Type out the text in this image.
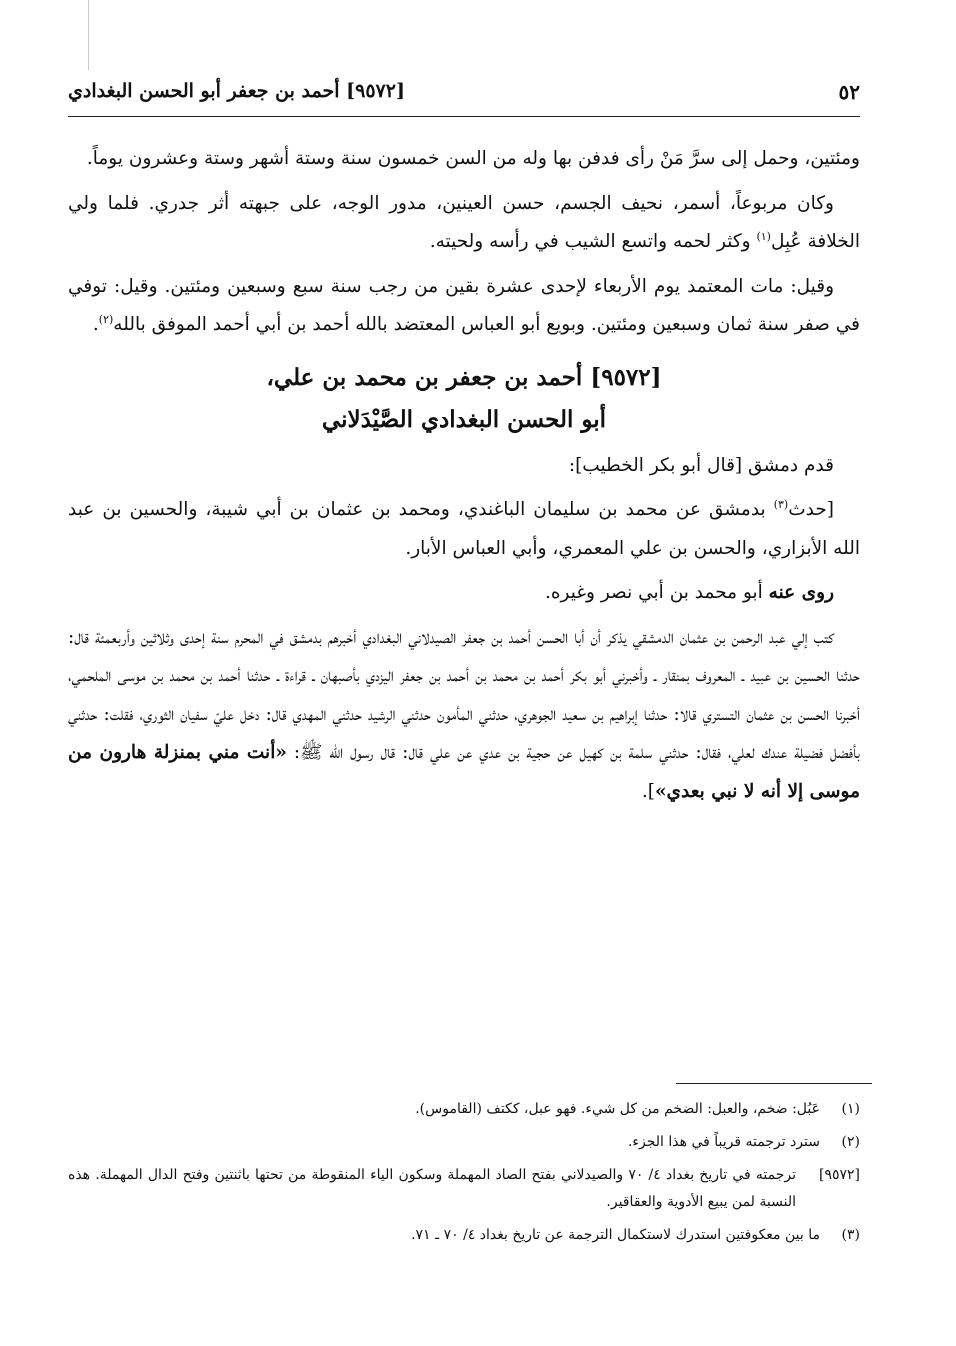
٥٢
[٩٥٧٢] أحمد بن جعفر أبو الحسن البغدادي

ومئتين، وحمل إلى سرَّ مَنْ رأى فدفن بها وله من السن خمسون سنة وستة أشهر وستة وعشرون يوماً.

وكان مربوعاً، أسمر، نحيف الجسم، حسن العينين، مدور الوجه، على جبهته أثر جدري. فلما ولي الخلافة عُبِل$^{(١)}$ وكثر لحمه واتسع الشيب في رأسه ولحيته.

وقيل: مات المعتمد يوم الأربعاء لإحدى عشرة بقين من رجب سنة سبع وسبعين ومئتين. وقيل: توفي في صفر سنة ثمان وسبعين ومئتين. وبويع أبو العباس المعتضد بالله أحمد بن أبي أحمد الموفق بالله$^{(٢)}$.

[٩٥٧٢] أحمد بن جعفر بن محمد بن علي،
أبو الحسن البغدادي الصَّيْدَلاني

قدم دمشق [قال أبو بكر الخطيب]:

[حدث$^{(٣)}$ بدمشق عن محمد بن سليمان الباغندي، ومحمد بن عثمان بن أبي شيبة، والحسين بن عبد الله الأبزاري، والحسن بن علي المعمري، وأبي العباس الأبار.

روى عنه أبو محمد بن أبي نصر وغيره.

كتب إلي عبد الرحمن بن عثمان الدمشقي يذكر أن أبا الحسن أحمد بن جعفر الصيدلاني البغدادي أخبرهم بدمشق في المحرم سنة إحدى وثلاثين وأربعمئة قال: حدثنا الحسين بن عبيد ـ المعروف بمنقار ـ وأخبرني أبو بكر أحمد بن محمد بن أحمد بن جعفر اليزدي بأصبهان ـ قراءة ـ حدثنا أحمد بن محمد بن موسى الملحمي، أخبرنا الحسن بن عثمان التستري قالا: حدثنا إبراهيم بن سعيد الجوهري، حدثني المأمون حدثني الرشيد حدثني المهدي قال: دخل عليّ سفيان الثوري، فقلت: حدثني بأفضل فضيلة عندك لعلي، فقال: حدثني سلمة بن كهيل عن حجية بن عدي عن علي قال: قال رسول الله ﷺ: «أنت مني بمنزلة هارون من موسى إلا أنه لا نبي بعدي»].

(١)
عَبُل: ضخم، والعبل: الضخم من كل شيء. فهو عبل، ككتف (القاموس).
(٢)
سترد ترجمته قريباً في هذا الجزء.
[٩٥٧٢]
ترجمته في تاريخ بغداد ٤/ ٧٠ والصيدلاني بفتح الصاد المهملة وسكون الياء المنقوطة من تحتها باثنتين وفتح الدال المهملة. هذه النسبة لمن يبيع الأدوية والعقاقير.
(٣)
ما بين معكوفتين استدرك لاستكمال الترجمة عن تاريخ بغداد ٤/ ٧٠ ـ ٧١.
